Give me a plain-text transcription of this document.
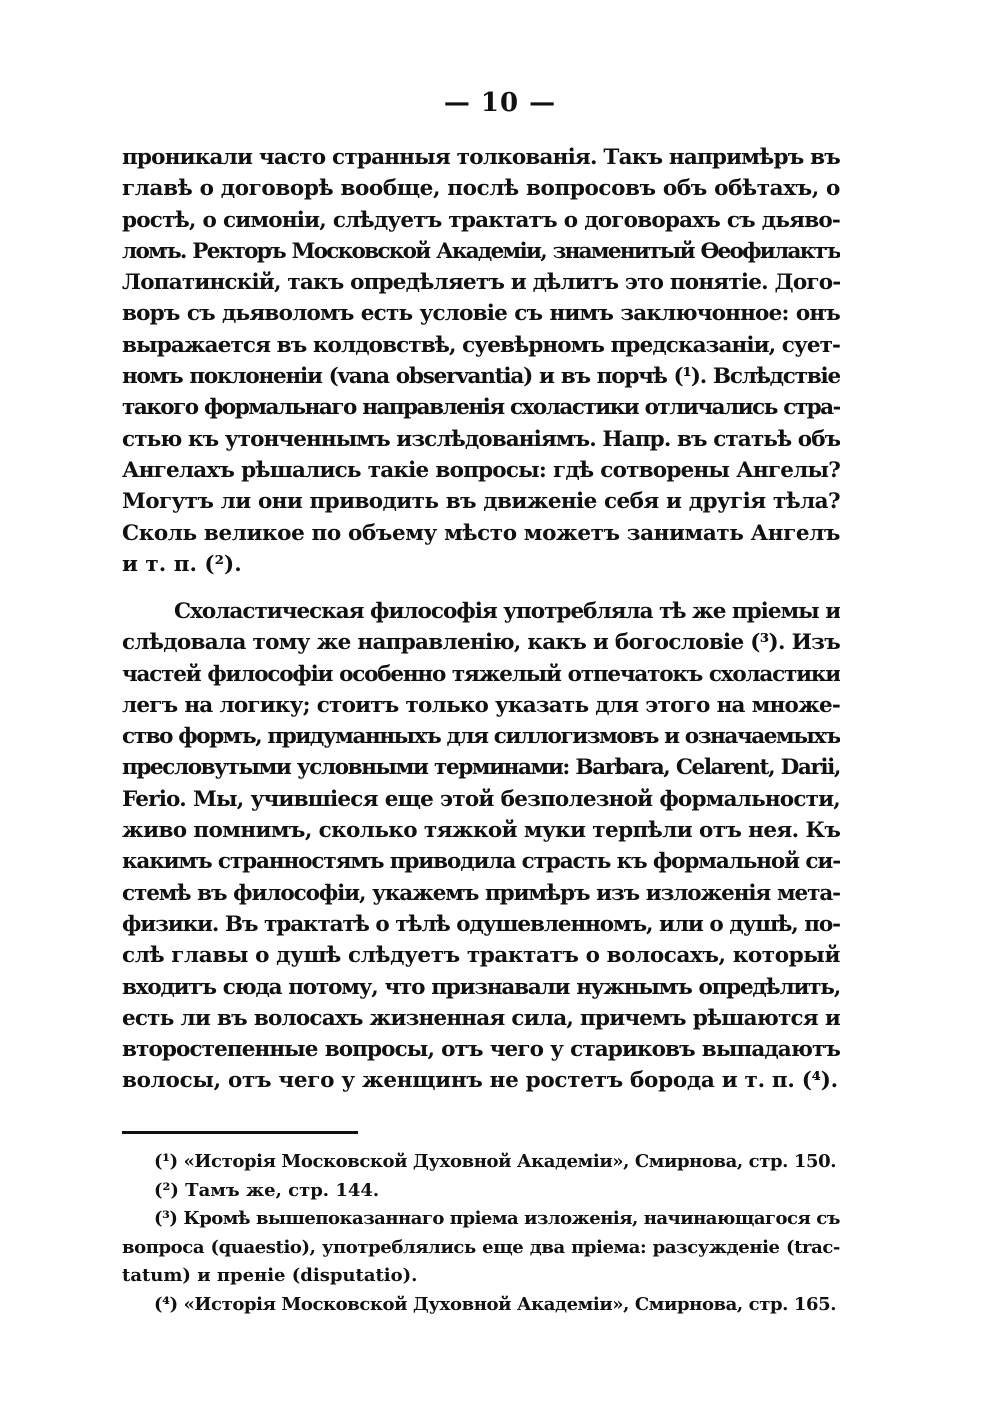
— 10 —
проникали часто странныя толкованія. Такъ напримѣръ въ
главѣ о договорѣ вообще, послѣ вопросовъ объ обѣтахъ, о
ростѣ, о симоніи, слѣдуетъ трактатъ о договорахъ съ дьяво-
ломъ. Ректоръ Московской Академіи, знаменитый Ѳеофилактъ
Лопатинскій, такъ опредѣляетъ и дѣлитъ это понятіе. Дого-
воръ съ дьяволомъ есть условіе съ нимъ заключонное: онъ
выражается въ колдовствѣ, суевѣрномъ предсказаніи, сует-
номъ поклоненіи (vana observantia) и въ порчѣ (¹). Вслѣдствіе
такого формальнаго направленія схоластики отличались стра-
стью къ утонченнымъ изслѣдованіямъ. Напр. въ статьѣ объ
Ангелахъ рѣшались такіе вопросы: гдѣ сотворены Ангелы?
Могутъ ли они приводить въ движеніе себя и другія тѣла?
Сколь великое по объему мѣсто можетъ занимать Ангелъ
и т. п. (²).
Схоластическая философія употребляла тѣ же пріемы и
слѣдовала тому же направленію, какъ и богословіе (³). Изъ
частей философіи особенно тяжелый отпечатокъ схоластики
легъ на логику; стоитъ только указать для этого на множе-
ство формъ, придуманныхъ для силлогизмовъ и означаемыхъ
пресловутыми условными терминами: Barbara, Celarent, Darii,
Ferio. Мы, учившіеся еще этой безполезной формальности,
живо помнимъ, сколько тяжкой муки терпѣли отъ нея. Къ
какимъ странностямъ приводила страсть къ формальной си-
стемѣ въ философіи, укажемъ примѣръ изъ изложенія мета-
физики. Въ трактатѣ о тѣлѣ одушевленномъ, или о душѣ, по-
слѣ главы о душѣ слѣдуетъ трактатъ о волосахъ, который
входитъ сюда потому, что признавали нужнымъ опредѣлить,
есть ли въ волосахъ жизненная сила, причемъ рѣшаются и
второстепенные вопросы, отъ чего у стариковъ выпадаютъ
волосы, отъ чего у женщинъ не ростетъ борода и т. п. (⁴).
(¹) «Исторія Московской Духовной Академіи», Смирнова, стр. 150.
(²) Тамъ же, стр. 144.
(³) Кромѣ вышепоказаннаго пріема изложенія, начинающагося съ
вопроса (quaestio), употреблялись еще два пріема: разсужденіе (trac-
tatum) и преніе (disputatio).
(⁴) «Исторія Московской Духовной Академіи», Смирнова, стр. 165.
